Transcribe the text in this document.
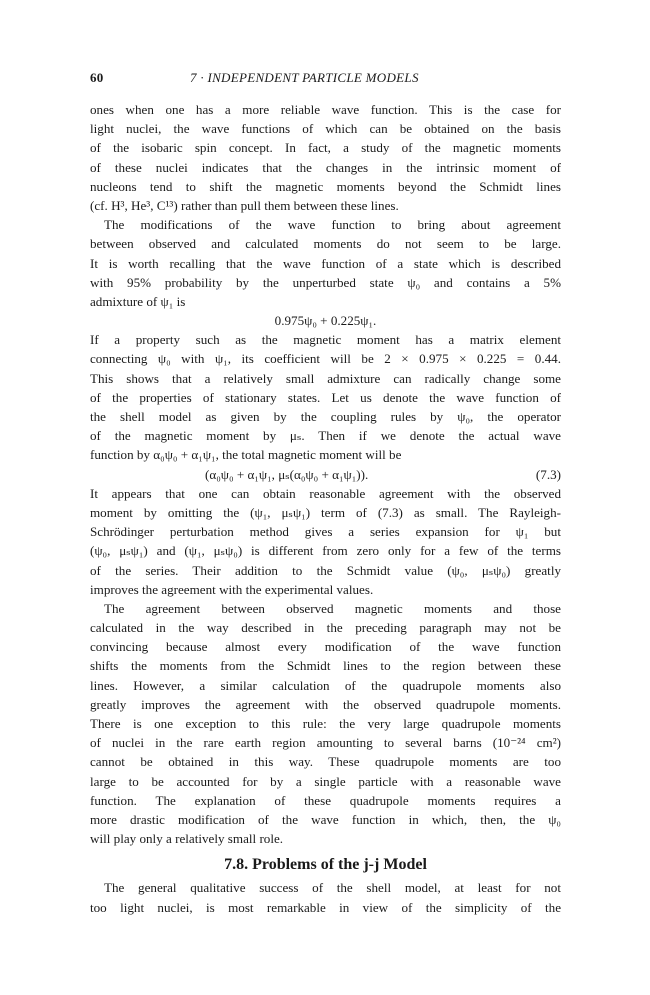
60	7 · INDEPENDENT PARTICLE MODELS
ones when one has a more reliable wave function. This is the case for
light nuclei, the wave functions of which can be obtained on the basis
of the isobaric spin concept. In fact, a study of the magnetic moments
of these nuclei indicates that the changes in the intrinsic moment of
nucleons tend to shift the magnetic moments beyond the Schmidt lines
(cf. H³, He³, C¹³) rather than pull them between these lines.
The modifications of the wave function to bring about agreement
between observed and calculated moments do not seem to be large.
It is worth recalling that the wave function of a state which is described
with 95% probability by the unperturbed state ψ₀ and contains a 5%
admixture of ψ₁ is
0.975ψ₀ + 0.225ψ₁.
If a property such as the magnetic moment has a matrix element
connecting ψ₀ with ψ₁, its coefficient will be 2 × 0.975 × 0.225 = 0.44.
This shows that a relatively small admixture can radically change some
of the properties of stationary states. Let us denote the wave function of
the shell model as given by the coupling rules by ψ₀, the operator
of the magnetic moment by μₛ. Then if we denote the actual wave
function by α₀ψ₀ + α₁ψ₁, the total magnetic moment will be
(α₀ψ₀ + α₁ψ₁, μₛ(α₀ψ₀ + α₁ψ₁)).	(7.3)
It appears that one can obtain reasonable agreement with the observed
moment by omitting the (ψ₁, μₛψ₁) term of (7.3) as small. The Rayleigh-
Schrödinger perturbation method gives a series expansion for ψ₁ but
(ψ₀, μₛψ₁) and (ψ₁, μₛψ₀) is different from zero only for a few of the terms
of the series. Their addition to the Schmidt value (ψ₀, μₛψ₀) greatly
improves the agreement with the experimental values.
The agreement between observed magnetic moments and those
calculated in the way described in the preceding paragraph may not be
convincing because almost every modification of the wave function
shifts the moments from the Schmidt lines to the region between these
lines. However, a similar calculation of the quadrupole moments also
greatly improves the agreement with the observed quadrupole moments.
There is one exception to this rule: the very large quadrupole moments
of nuclei in the rare earth region amounting to several barns (10⁻²⁴ cm²)
cannot be obtained in this way. These quadrupole moments are too
large to be accounted for by a single particle with a reasonable wave
function. The explanation of these quadrupole moments requires a
more drastic modification of the wave function in which, then, the ψ₀
will play only a relatively small role.
7.8. Problems of the j-j Model
The general qualitative success of the shell model, at least for not
too light nuclei, is most remarkable in view of the simplicity of the
